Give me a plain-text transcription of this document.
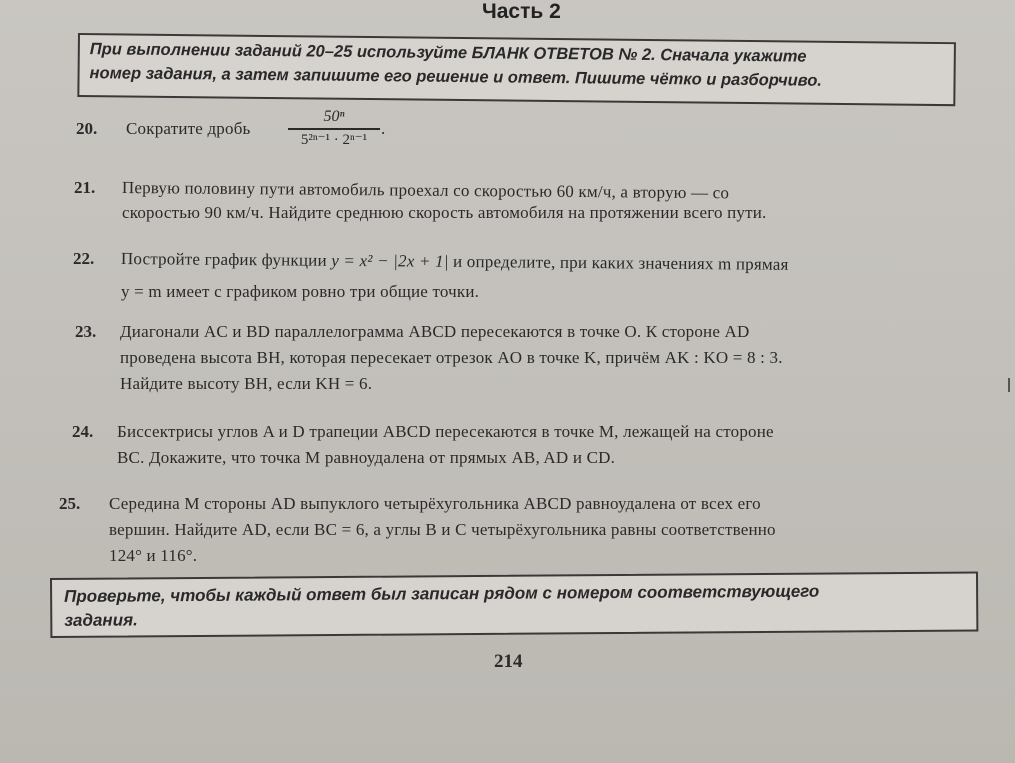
Часть 2
При выполнении заданий 20–25 используйте БЛАНК ОТВЕТОВ № 2. Сначала укажите
номер задания, а затем запишите его решение и ответ. Пишите чётко и разборчиво.
20. Сократите дробь
50ⁿ
5²ⁿ⁻¹ · 2ⁿ⁻¹
.
21. Первую половину пути автомобиль проехал со скоростью 60 км/ч, а вторую — со
скоростью 90 км/ч. Найдите среднюю скорость автомобиля на протяжении всего пути.
22. Постройте график функции y = x² − |2x + 1| и определите, при каких значениях m прямая
y = m имеет с графиком ровно три общие точки.
23. Диагонали AC и BD параллелограмма ABCD пересекаются в точке O. К стороне AD
проведена высота BH, которая пересекает отрезок AO в точке K, причём AK : KO = 8 : 3.
Найдите высоту BH, если KH = 6.
24. Биссектрисы углов A и D трапеции ABCD пересекаются в точке M, лежащей на стороне
BC. Докажите, что точка M равноудалена от прямых AB, AD и CD.
25. Середина M стороны AD выпуклого четырёхугольника ABCD равноудалена от всех его
вершин. Найдите AD, если BC = 6, а углы B и C четырёхугольника равны соответственно
124° и 116°.
Проверьте, чтобы каждый ответ был записан рядом с номером соответствующего
задания.
214
